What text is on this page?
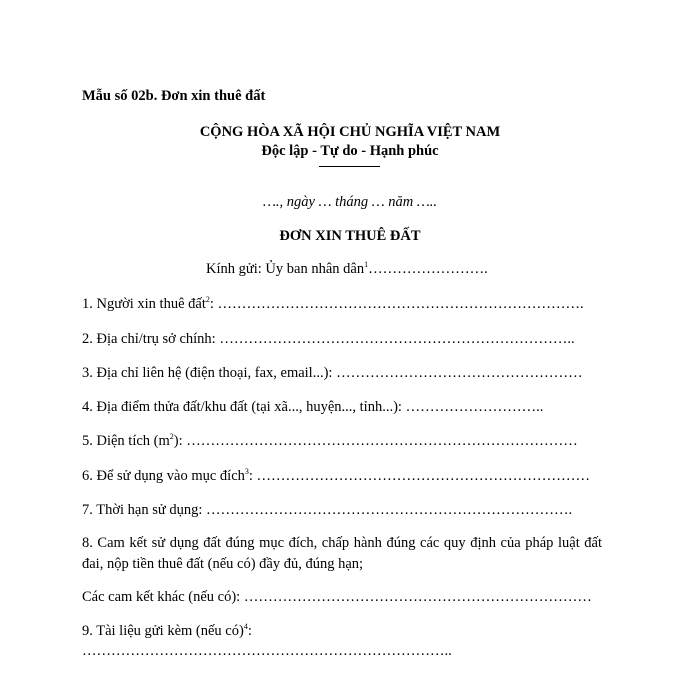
Mẫu số 02b. Đơn xin thuê đất
CỘNG HÒA XÃ HỘI CHỦ NGHĨA VIỆT NAM
Độc lập - Tự do - Hạnh phúc
…., ngày … tháng … năm …..
ĐƠN XIN THUÊ ĐẤT
Kính gửi: Ủy ban nhân dân$^1$…………………….
1. Người xin thuê đất$^2$: ………………………………………………………………….
2. Địa chỉ/trụ sở chính: ………………………………………………………………..
3. Địa chỉ liên hệ (điện thoại, fax, email...): ……………………………………………
4. Địa điểm thửa đất/khu đất (tại xã..., huyện..., tỉnh...): ………………………..
5. Diện tích $(m^2)$: ………………………………………………………………………
6. Để sử dụng vào mục đích$^3$: ……………………………………………………………
7. Thời hạn sử dụng: ………………………………………………………………….
8. Cam kết sử dụng đất đúng mục đích, chấp hành đúng các quy định của pháp luật đất đai, nộp tiền thuê đất (nếu có) đầy đủ, đúng hạn;
Các cam kết khác (nếu có): ………………………………………………………………
9. Tài liệu gửi kèm (nếu có)$^4$:
…………………………………………………………………..
